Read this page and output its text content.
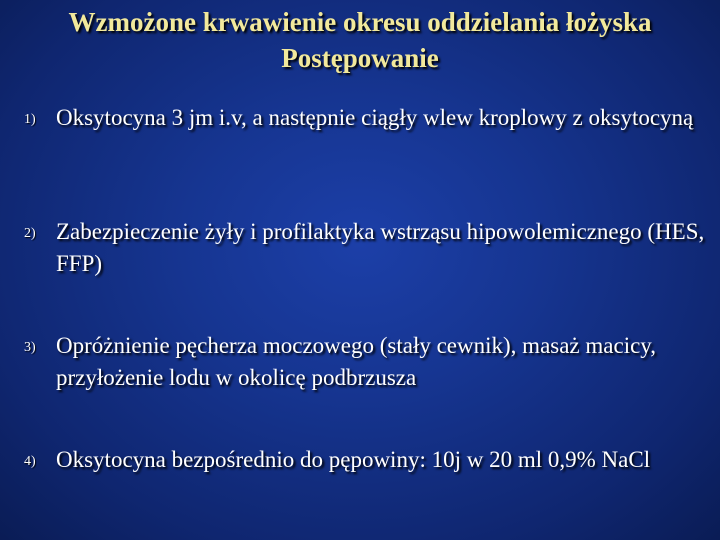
Wzmożone krwawienie okresu oddzielania łożyska
Postępowanie
1) Oksytocyna 3 jm i.v, a następnie ciągły wlew kroplowy z oksytocyną
2) Zabezpieczenie żyły i profilaktyka wstrząsu hipowolemicznego (HES, FFP)
3) Opróżnienie pęcherza moczowego (stały cewnik), masaż macicy, przyłożenie lodu w okolicę podbrzusza
4) Oksytocyna bezpośrednio do pępowiny: 10j w 20 ml 0,9% NaCl
